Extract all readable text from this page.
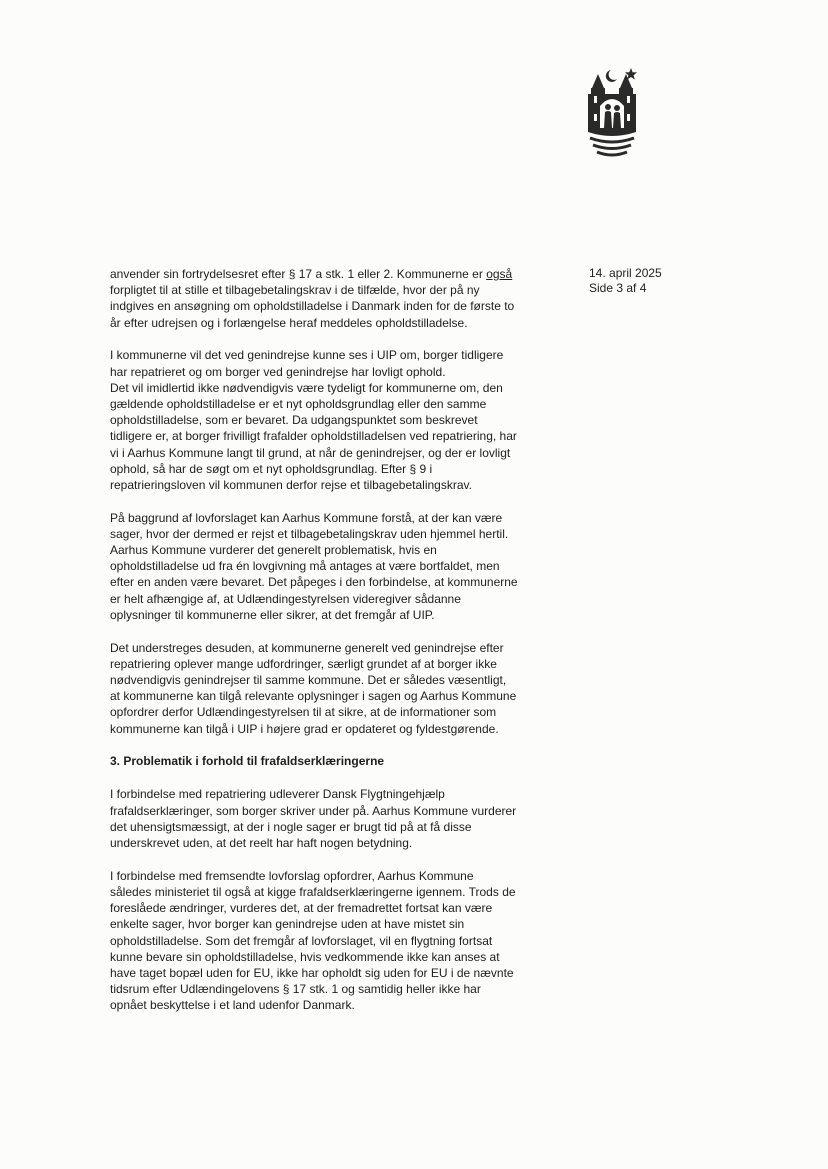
14. april 2025
Side 3 af 4

anvender sin fortrydelsesret efter § 17 a stk. 1 eller 2. Kommunerne er også
forpligtet til at stille et tilbagebetalingskrav i de tilfælde, hvor der på ny
indgives en ansøgning om opholdstilladelse i Danmark inden for de første to
år efter udrejsen og i forlængelse heraf meddeles opholdstilladelse.

I kommunerne vil det ved genindrejse kunne ses i UIP om, borger tidligere
har repatrieret og om borger ved genindrejse har lovligt ophold.
Det vil imidlertid ikke nødvendigvis være tydeligt for kommunerne om, den
gældende opholdstilladelse er et nyt opholdsgrundlag eller den samme
opholdstilladelse, som er bevaret. Da udgangspunktet som beskrevet
tidligere er, at borger frivilligt frafalder opholdstilladelsen ved repatriering, har
vi i Aarhus Kommune langt til grund, at når de genindrejser, og der er lovligt
ophold, så har de søgt om et nyt opholdsgrundlag. Efter § 9 i
repatrieringsloven vil kommunen derfor rejse et tilbagebetalingskrav.

På baggrund af lovforslaget kan Aarhus Kommune forstå, at der kan være
sager, hvor der dermed er rejst et tilbagebetalingskrav uden hjemmel hertil.
Aarhus Kommune vurderer det generelt problematisk, hvis en
opholdstilladelse ud fra én lovgivning må antages at være bortfaldet, men
efter en anden være bevaret. Det påpeges i den forbindelse, at kommunerne
er helt afhængige af, at Udlændingestyrelsen videregiver sådanne
oplysninger til kommunerne eller sikrer, at det fremgår af UIP.

Det understreges desuden, at kommunerne generelt ved genindrejse efter
repatriering oplever mange udfordringer, særligt grundet af at borger ikke
nødvendigvis genindrejser til samme kommune. Det er således væsentligt,
at kommunerne kan tilgå relevante oplysninger i sagen og Aarhus Kommune
opfordrer derfor Udlændingestyrelsen til at sikre, at de informationer som
kommunerne kan tilgå i UIP i højere grad er opdateret og fyldestgørende.

3. Problematik i forhold til frafaldserklæringerne

I forbindelse med repatriering udleverer Dansk Flygtningehjælp
frafaldserklæringer, som borger skriver under på. Aarhus Kommune vurderer
det uhensigtsmæssigt, at der i nogle sager er brugt tid på at få disse
underskrevet uden, at det reelt har haft nogen betydning.

I forbindelse med fremsendte lovforslag opfordrer, Aarhus Kommune
således ministeriet til også at kigge frafaldserklæringerne igennem. Trods de
foreslåede ændringer, vurderes det, at der fremadrettet fortsat kan være
enkelte sager, hvor borger kan genindrejse uden at have mistet sin
opholdstilladelse. Som det fremgår af lovforslaget, vil en flygtning fortsat
kunne bevare sin opholdstilladelse, hvis vedkommende ikke kan anses at
have taget bopæl uden for EU, ikke har opholdt sig uden for EU i de nævnte
tidsrum efter Udlændingelovens § 17 stk. 1 og samtidig heller ikke har
opnået beskyttelse i et land udenfor Danmark.
